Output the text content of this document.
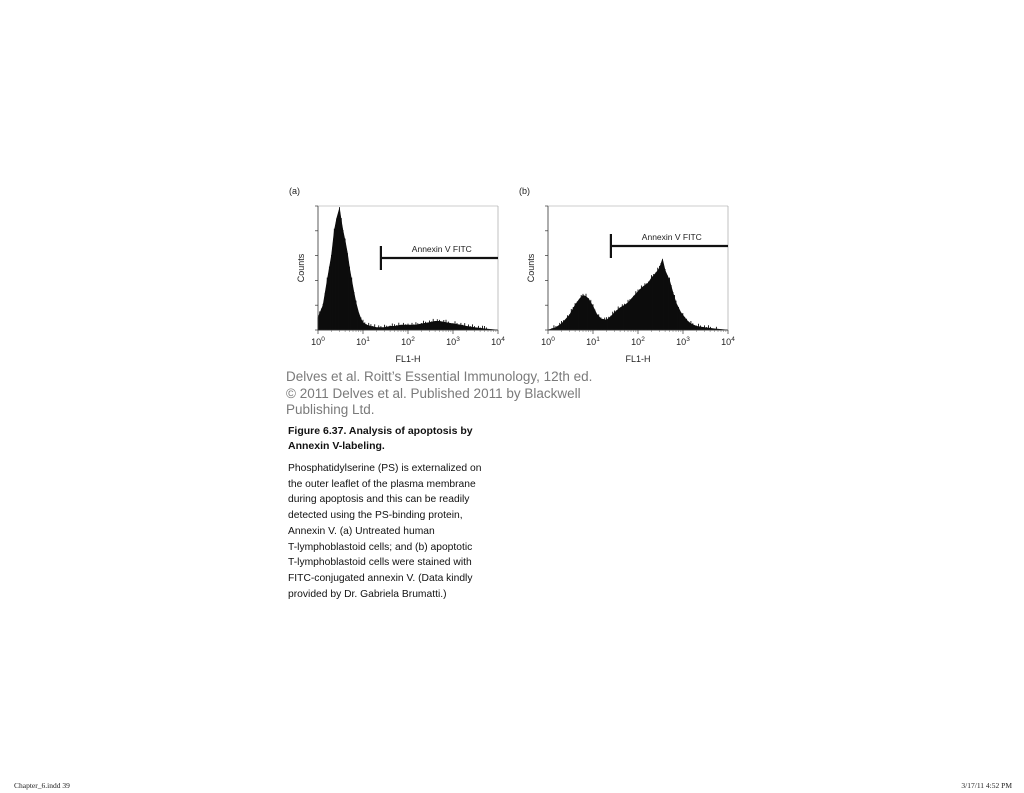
(a)	(b)
$10^0$	$10^1$	$10^2$	$10^3$	$10^4$
FL1-H
Counts
Annexin V FITC
$10^0$	$10^1$	$10^2$	$10^3$	$10^4$
FL1-H
Counts
Annexin V FITC
Delves et al. Roitt’s Essential Immunology, 12th ed.
© 2011 Delves et al. Published 2011 by Blackwell
Publishing Ltd.
Figure 6.37. Analysis of apoptosis by
Annexin V-labeling.
Phosphatidylserine (PS) is externalized on
the outer leaflet of the plasma membrane
during apoptosis and this can be readily
detected using the PS-binding protein,
Annexin V. (a) Untreated human
T-lymphoblastoid cells; and (b) apoptotic
T-lymphoblastoid cells were stained with
FITC-conjugated annexin V. (Data kindly
provided by Dr. Gabriela Brumatti.)
Chapter_6.indd 39	3/17/11 4:52 PM
